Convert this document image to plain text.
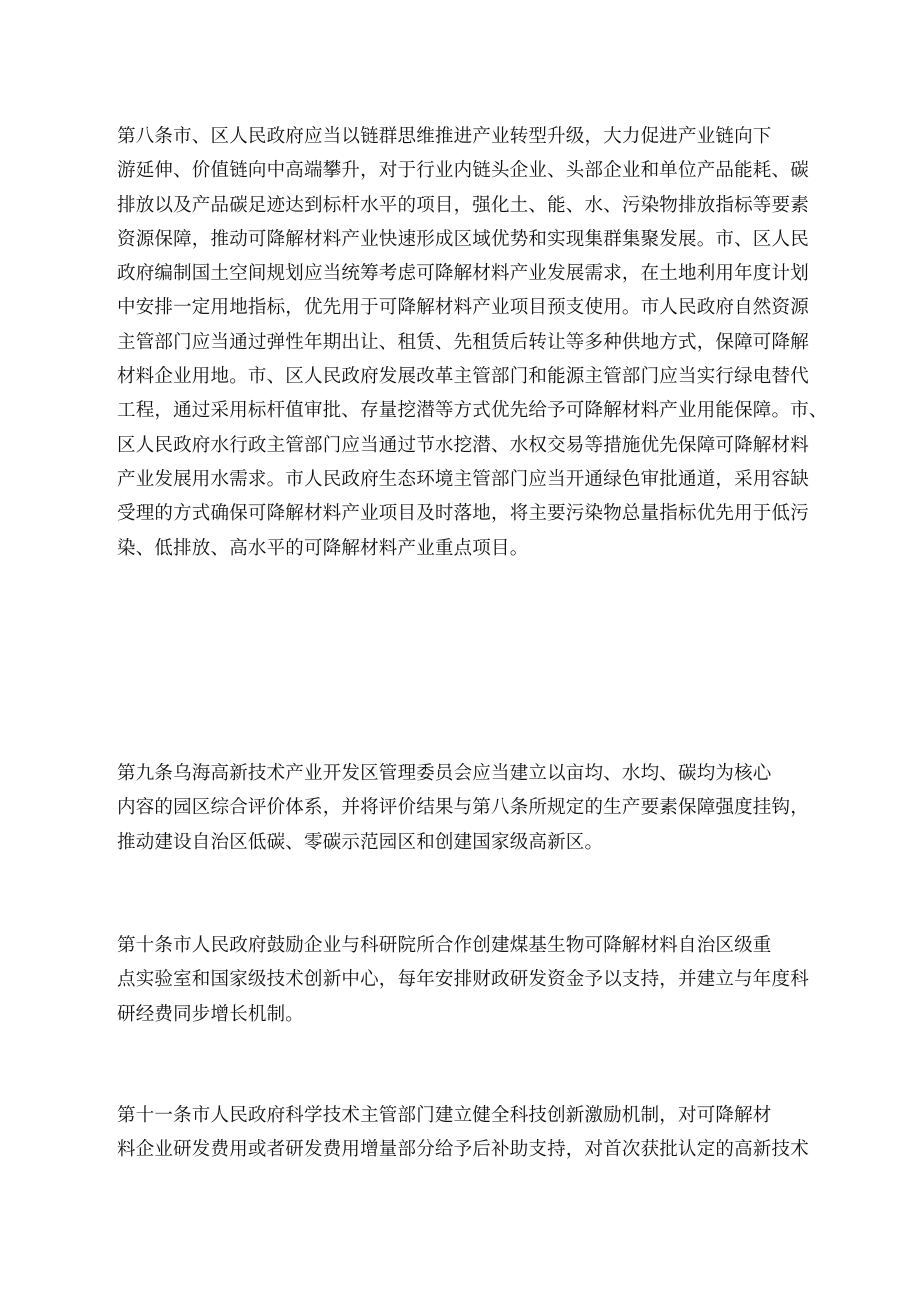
第八条市、区人民政府应当以链群思维推进产业转型升级，大力促进产业链向下
游延伸、价值链向中高端攀升，对于行业内链头企业、头部企业和单位产品能耗、碳
排放以及产品碳足迹达到标杆水平的项目，强化土、能、水、污染物排放指标等要素
资源保障，推动可降解材料产业快速形成区域优势和实现集群集聚发展。市、区人民
政府编制国土空间规划应当统筹考虑可降解材料产业发展需求，在土地利用年度计划
中安排一定用地指标，优先用于可降解材料产业项目预支使用。市人民政府自然资源
主管部门应当通过弹性年期出让、租赁、先租赁后转让等多种供地方式，保障可降解
材料企业用地。市、区人民政府发展改革主管部门和能源主管部门应当实行绿电替代
工程，通过采用标杆值审批、存量挖潜等方式优先给予可降解材料产业用能保障。市、
区人民政府水行政主管部门应当通过节水挖潜、水权交易等措施优先保障可降解材料
产业发展用水需求。市人民政府生态环境主管部门应当开通绿色审批通道，采用容缺
受理的方式确保可降解材料产业项目及时落地，将主要污染物总量指标优先用于低污
染、低排放、高水平的可降解材料产业重点项目。

第九条乌海高新技术产业开发区管理委员会应当建立以亩均、水均、碳均为核心
内容的园区综合评价体系，并将评价结果与第八条所规定的生产要素保障强度挂钩，
推动建设自治区低碳、零碳示范园区和创建国家级高新区。

第十条市人民政府鼓励企业与科研院所合作创建煤基生物可降解材料自治区级重
点实验室和国家级技术创新中心，每年安排财政研发资金予以支持，并建立与年度科
研经费同步增长机制。

第十一条市人民政府科学技术主管部门建立健全科技创新激励机制，对可降解材
料企业研发费用或者研发费用增量部分给予后补助支持，对首次获批认定的高新技术
